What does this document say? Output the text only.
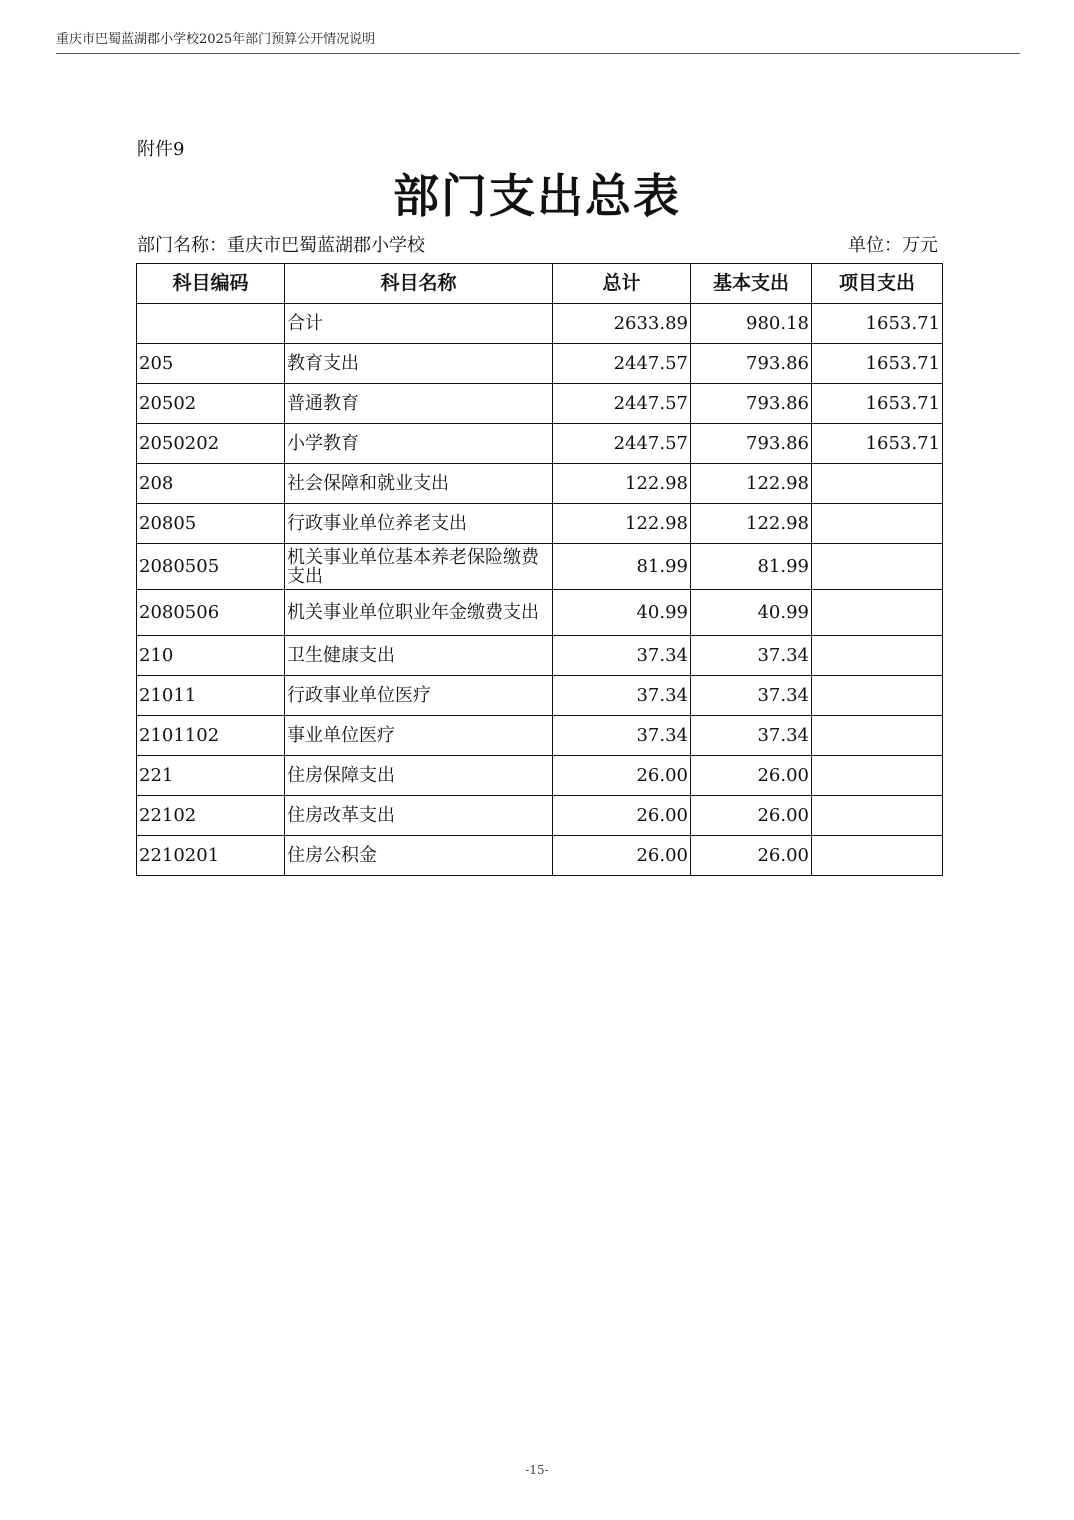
重庆市巴蜀蓝湖郡小学校2025年部门预算公开情况说明
附件9
部门支出总表
部门名称：重庆市巴蜀蓝湖郡小学校	单位：万元
科目编码	科目名称	总计	基本支出	项目支出
	合计	2633.89	980.18	1653.71
205	教育支出	2447.57	793.86	1653.71
20502	普通教育	2447.57	793.86	1653.71
2050202	小学教育	2447.57	793.86	1653.71
208	社会保障和就业支出	122.98	122.98	
20805	行政事业单位养老支出	122.98	122.98	
2080505	机关事业单位基本养老保险缴费支出	81.99	81.99	
2080506	机关事业单位职业年金缴费支出	40.99	40.99	
210	卫生健康支出	37.34	37.34	
21011	行政事业单位医疗	37.34	37.34	
2101102	事业单位医疗	37.34	37.34	
221	住房保障支出	26.00	26.00	
22102	住房改革支出	26.00	26.00	
2210201	住房公积金	26.00	26.00	
-15-
